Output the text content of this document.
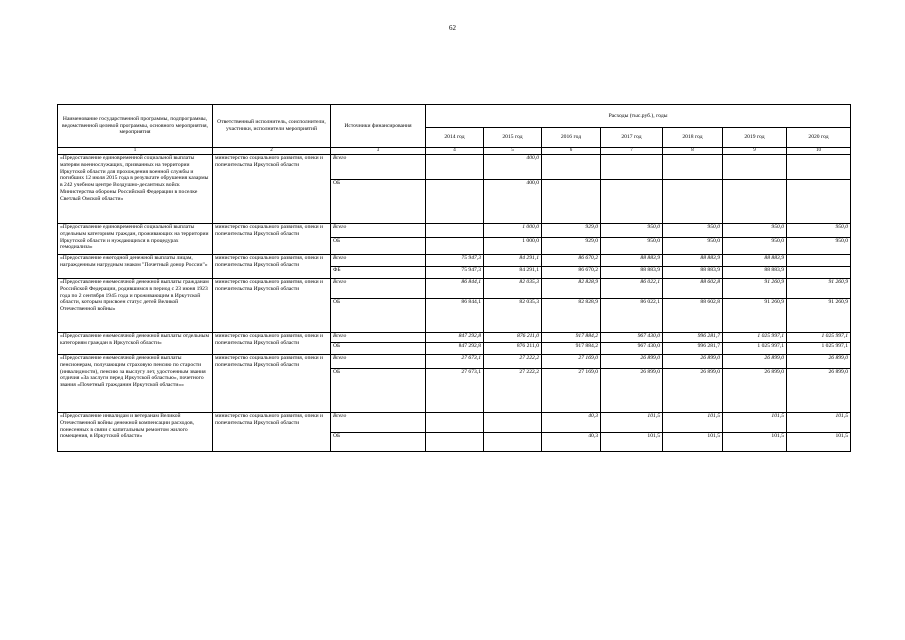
62
Наименование государственной программы, подпрограммы, ведомственной целевой программы, основного мероприятия, мероприятия	Ответственный исполнитель, соисполнители, участники, исполнители мероприятий	Источники финансирования	Расходы (тыс.руб.), годы						
			2014 год	2015 год	2016 год	2017 год	2018 год	2019 год	2020 год
1	2	3	4	5	6	7	8	9	10
«Предоставление единовременной социальной выплаты матерям военнослужащих, призванных на территории Иркутской области для прохождения военной службы и погибших 12 июля 2015 года в результате обрушения казармы в 242 учебном центре Воздушно-десантных войск Министерства обороны Российской Федерации в поселке Светлый Омской области»	министерство социального развития, опеки и попечительства Иркутской области	Всего		400,0					
		ОБ		400,0					
«Предоставление единовременной социальной выплаты отдельным категориям граждан, проживающих на территории Иркутской области и нуждающихся в процедурах гемодиализа»	министерство социального развития, опеки и попечительства Иркутской области	Всего		1 000,0	929,0	950,0	950,0	950,0	950,0
		ОБ		1 000,0	929,0	950,0	950,0	950,0	950,0
«Предоставление ежегодной денежной выплаты лицам, награжденным нагрудным знаком "Почетный донор России"»	министерство социального развития, опеки и попечительства Иркутской области	Всего	75 947,3	84 291,1	86 670,2	88 883,9	88 883,9	88 883,9	
		ФБ	75 947,3	84 291,1	86 670,2	88 883,9	88 883,9	88 883,9	
«Предоставление ежемесячной денежной выплаты гражданам Российской Федерации, родившимся в период с 23 июня 1923 года по 2 сентября 1945 года и проживающим в Иркутской области, которым присвоен статус детей Великой Отечественной войны»	министерство социального развития, опеки и попечительства Иркутской области	Всего	86 844,1	82 035,3	82 828,9	86 022,1	88 602,8	91 260,9	91 260,9
		ОБ	86 844,1	82 035,3	82 828,9	86 022,1	88 602,8	91 260,9	91 260,9
«Предоставление ежемесячной денежной выплаты отдельным категориям граждан в Иркутской области»	министерство социального развития, опеки и попечительства Иркутской области	Всего	847 292,8	876 211,0	917 884,2	967 430,0	996 281,7	1 025 997,1	1 025 997,1
		ОБ	847 292,8	876 211,0	917 884,2	967 430,0	996 281,7	1 025 997,1	1 025 997,1
«Предоставление ежемесячной денежной выплаты пенсионерам, получающим страховую пенсию по старости (инвалидности), пенсию за выслугу лет, удостоенным звания отдичия «За заслуги перед Иркутской областью», почетного звания «Почетный гражданин Иркутской области»»	министерство социального развития, опеки и попечительства Иркутской области	Всего	27 673,1	27 222,2	27 169,0	26 899,0	26 899,0	26 899,0	26 899,0
		ОБ	27 673,1	27 222,2	27 169,0	26 899,0	26 899,0	26 899,0	26 899,0
«Предоставление инвалидам и ветеранам Великой Отечественной войны денежной компенсации расходов, понесенных в связи с капитальным ремонтом жилого помещения, в Иркутской области»	министерство социального развития, опеки и попечительства Иркутской области	Всего			40,3	101,5	101,5	101,5	101,5
		ОБ			40,3	101,5	101,5	101,5	101,5
